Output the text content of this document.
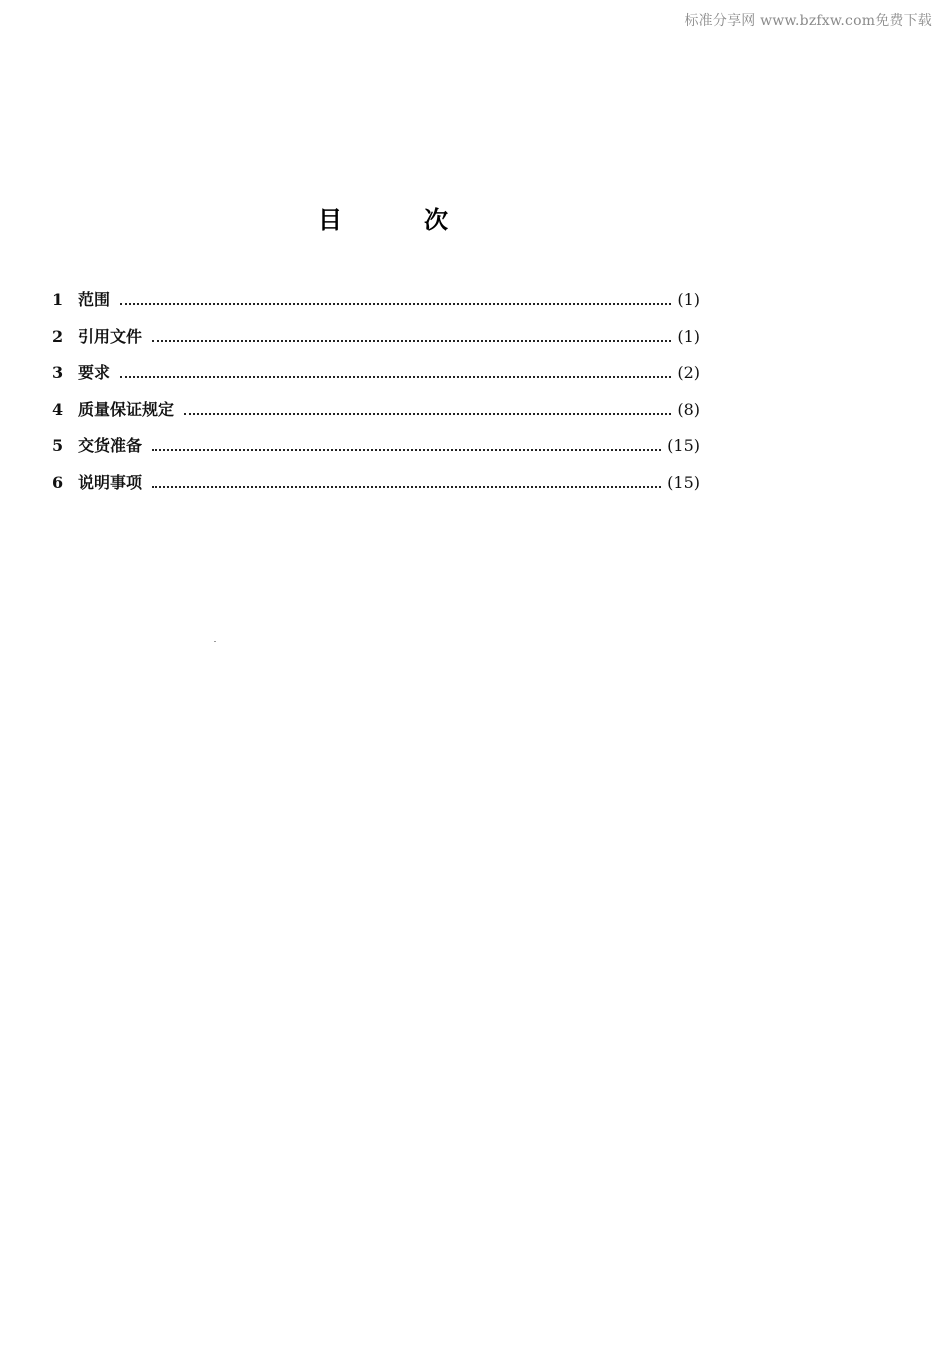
标准分享网 www.bzfxw.com免费下载
目	次
1 范围	(1)
2 引用文件	(1)
3 要求	(2)
4 质量保证规定	(8)
5 交货准备	(15)
6 说明事项	(15)
